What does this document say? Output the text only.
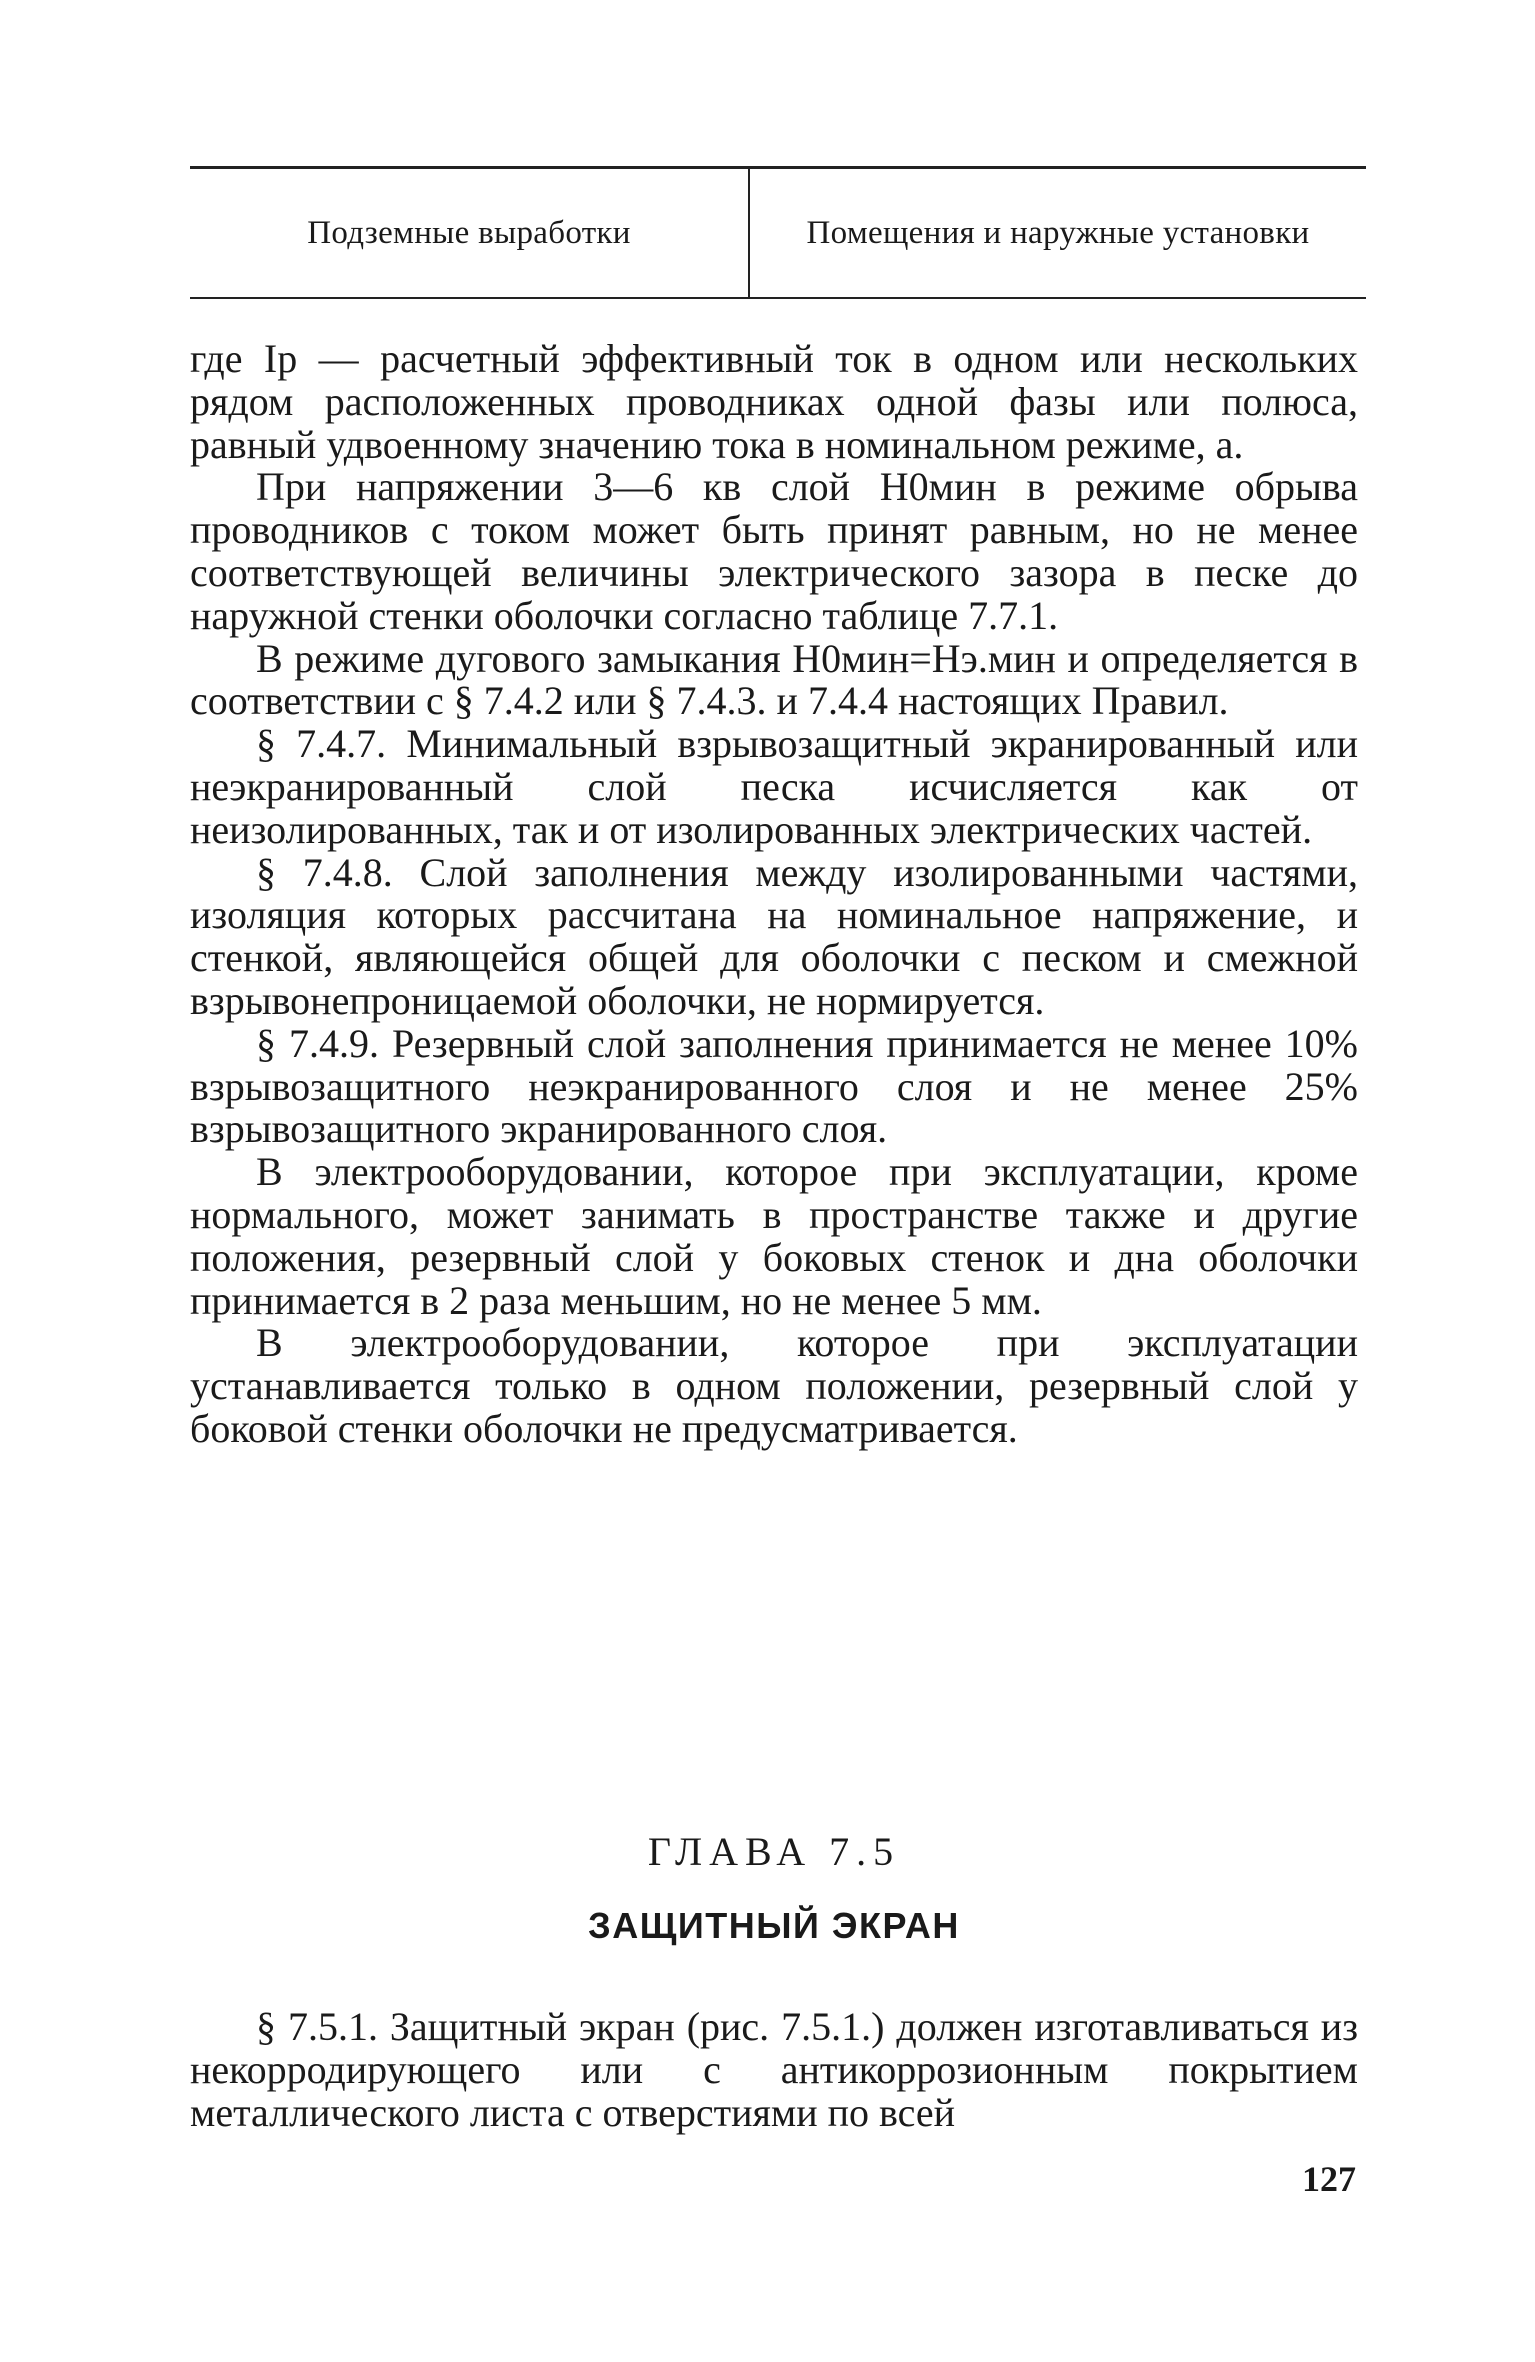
Подземные выработки	Помещения и наружные установки

где Iр — расчетный эффективный ток в одном или нескольких рядом расположенных проводниках одной фазы или полюса, равный удвоенному значению тока в номинальном режиме, а.

При напряжении 3—6 кв слой H0мин в режиме обрыва проводников с током может быть принят равным, но не менее соответствующей величины электрического зазора в песке до наружной стенки оболочки согласно таблице 7.7.1.

В режиме дугового замыкания H0мин=Hэ.мин и определяется в соответствии с § 7.4.2 или § 7.4.3. и 7.4.4 настоящих Правил.

§ 7.4.7. Минимальный взрывозащитный экранированный или неэкранированный слой песка исчисляется как от неизолированных, так и от изолированных электрических частей.

§ 7.4.8. Слой заполнения между изолированными частями, изоляция которых рассчитана на номинальное напряжение, и стенкой, являющейся общей для оболочки с песком и смежной взрывонепроницаемой оболочки, не нормируется.

§ 7.4.9. Резервный слой заполнения принимается не менее 10% взрывозащитного неэкранированного слоя и не менее 25% взрывозащитного экранированного слоя.

В электрооборудовании, которое при эксплуатации, кроме нормального, может занимать в пространстве также и другие положения, резервный слой у боковых стенок и дна оболочки принимается в 2 раза меньшим, но не менее 5 мм.

В электрооборудовании, которое при эксплуатации устанавливается только в одном положении, резервный слой у боковой стенки оболочки не предусматривается.

ГЛАВА 7.5
ЗАЩИТНЫЙ ЭКРАН

§ 7.5.1. Защитный экран (рис. 7.5.1.) должен изготавливаться из некорродирующего или с антикоррозионным покрытием металлического листа с отверстиями по всей

127
